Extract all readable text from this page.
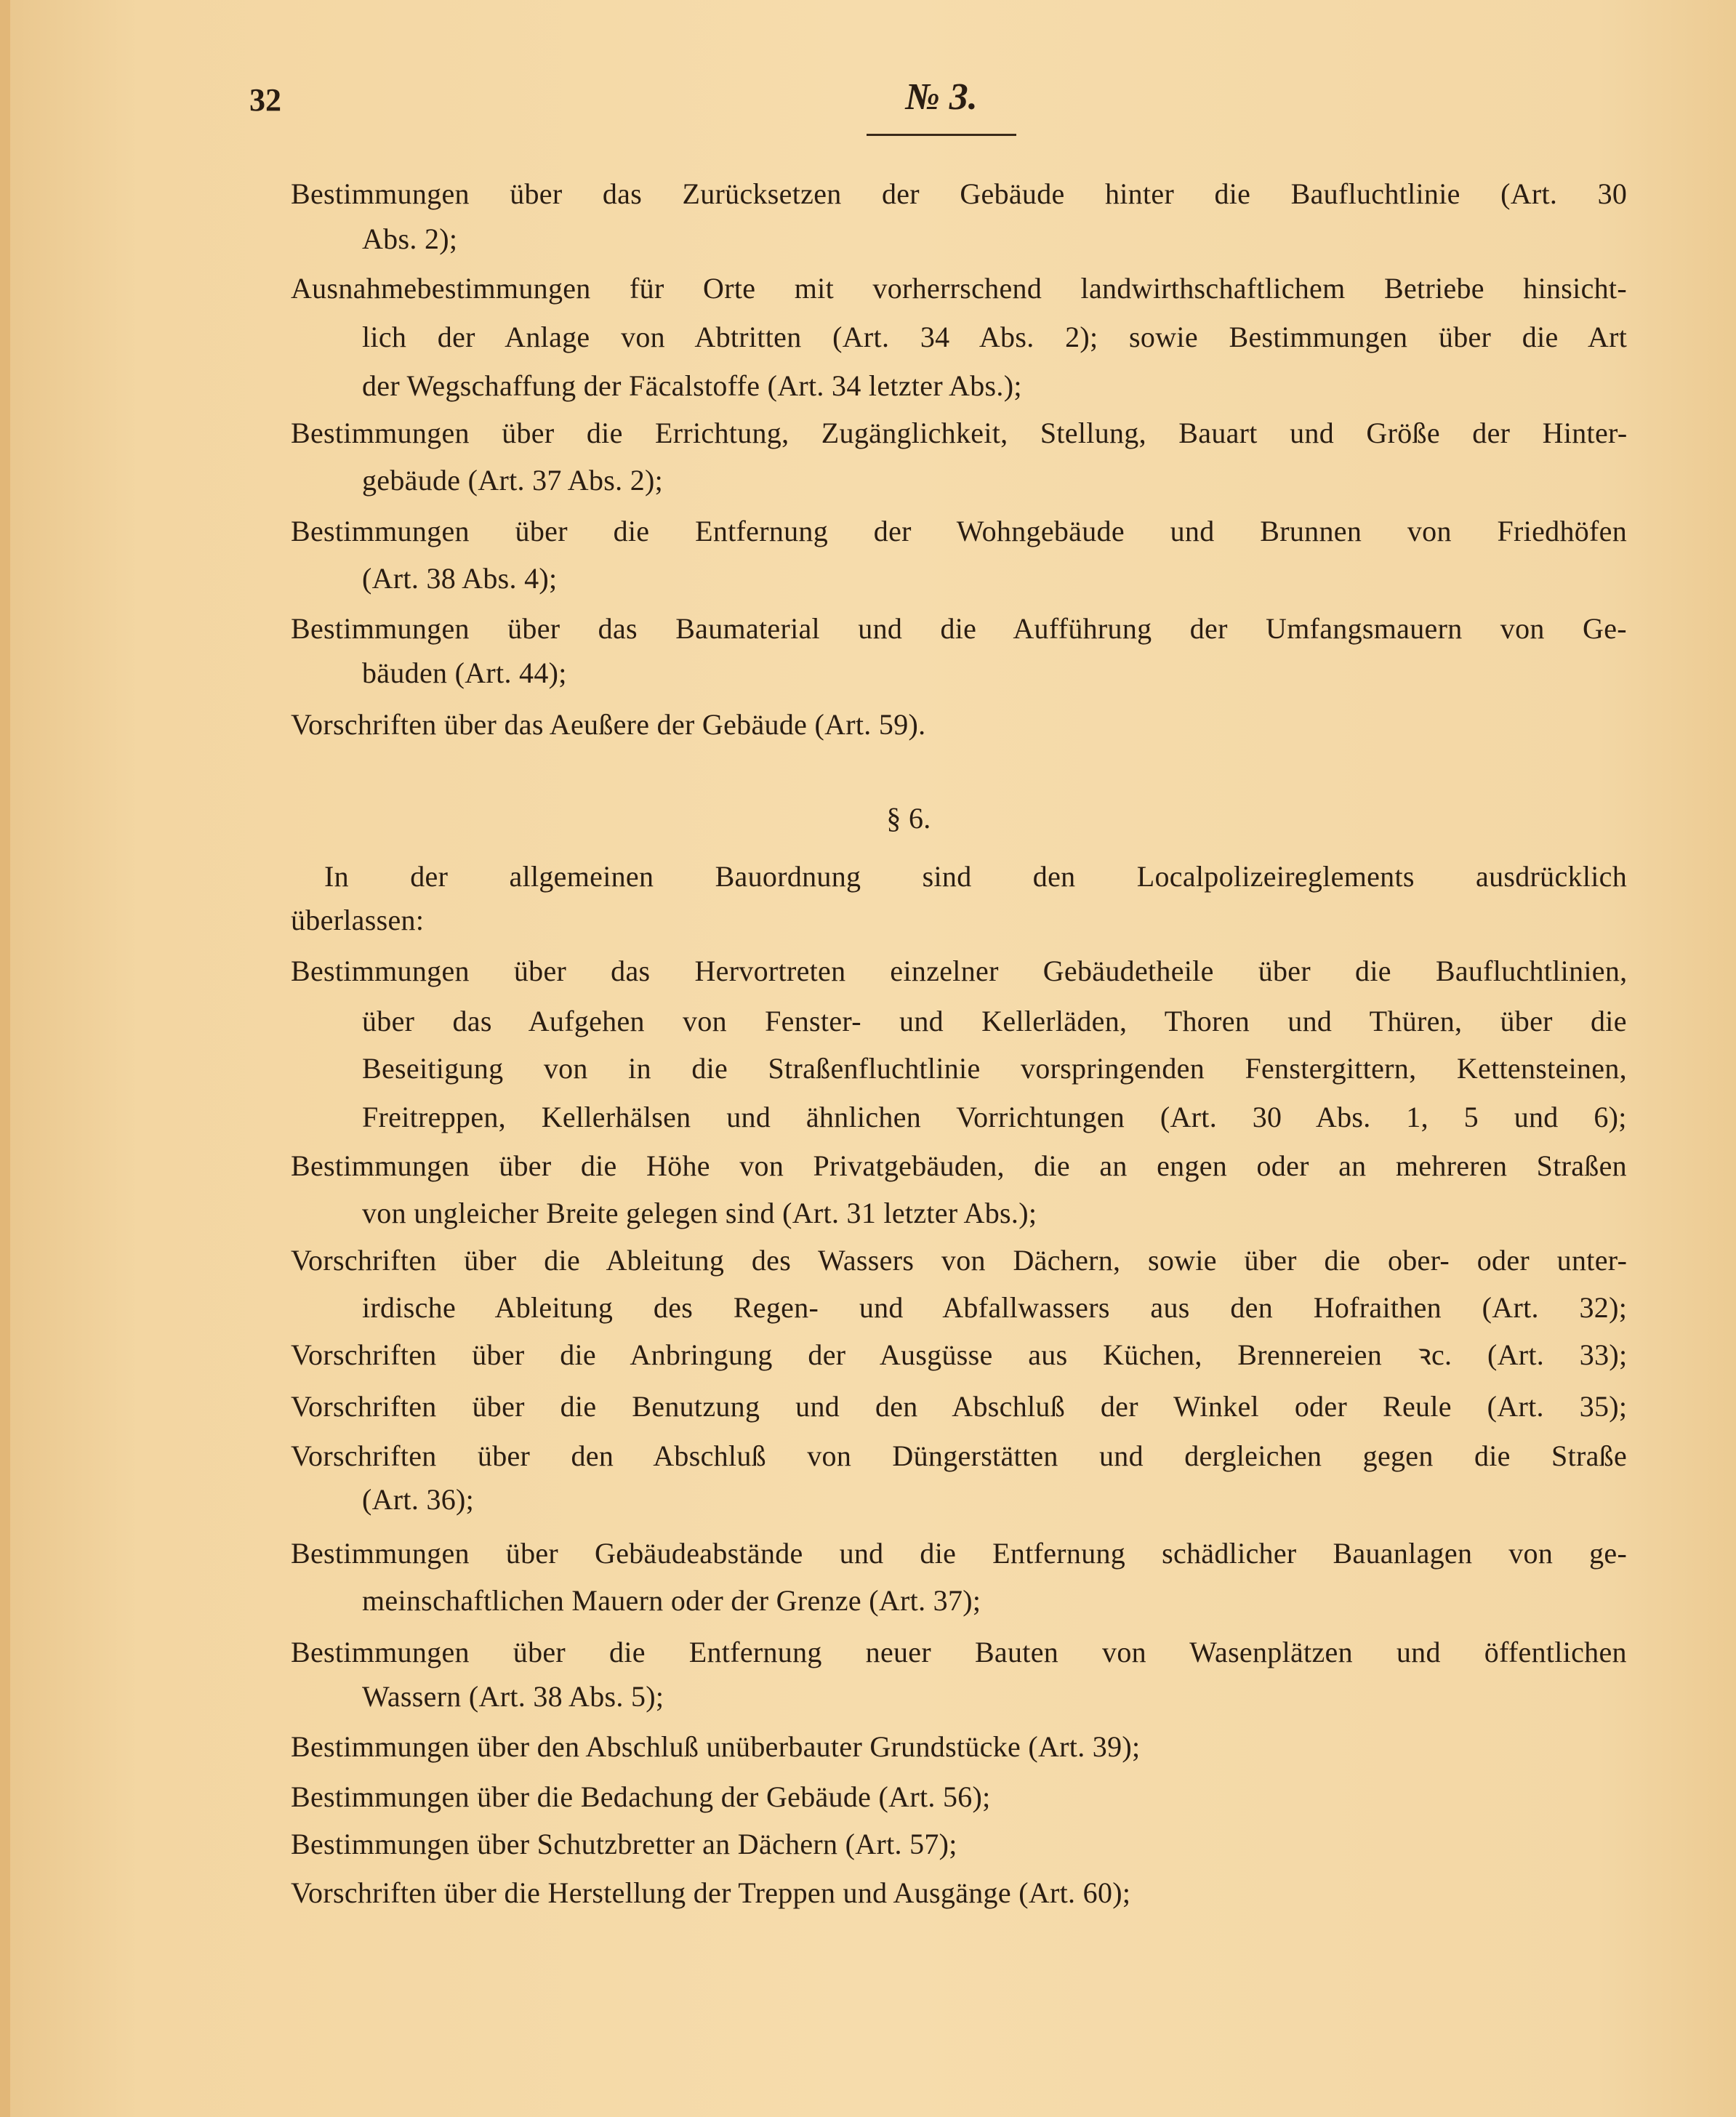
32	№ 3.
Bestimmungen über das Zurücksetzen der Gebäude hinter die Baufluchtlinie (Art. 30
Abs. 2);
Ausnahmebestimmungen für Orte mit vorherrschend landwirthschaftlichem Betriebe hinsicht-
lich der Anlage von Abtritten (Art. 34 Abs. 2); sowie Bestimmungen über die Art
der Wegschaffung der Fäcalstoffe (Art. 34 letzter Abs.);
Bestimmungen über die Errichtung, Zugänglichkeit, Stellung, Bauart und Größe der Hinter-
gebäude (Art. 37 Abs. 2);
Bestimmungen über die Entfernung der Wohngebäude und Brunnen von Friedhöfen
(Art. 38 Abs. 4);
Bestimmungen über das Baumaterial und die Aufführung der Umfangsmauern von Ge-
bäuden (Art. 44);
Vorschriften über das Aeußere der Gebäude (Art. 59).
§ 6.
In der allgemeinen Bauordnung sind den Localpolizeireglements ausdrücklich
überlassen:
Bestimmungen über das Hervortreten einzelner Gebäudetheile über die Baufluchtlinien,
über das Aufgehen von Fenster- und Kellerläden, Thoren und Thüren, über die
Beseitigung von in die Straßenfluchtlinie vorspringenden Fenstergittern, Kettensteinen,
Freitreppen, Kellerhälsen und ähnlichen Vorrichtungen (Art. 30 Abs. 1, 5 und 6);
Bestimmungen über die Höhe von Privatgebäuden, die an engen oder an mehreren Straßen
von ungleicher Breite gelegen sind (Art. 31 letzter Abs.);
Vorschriften über die Ableitung des Wassers von Dächern, sowie über die ober- oder unter-
irdische Ableitung des Regen- und Abfallwassers aus den Hofraithen (Art. 32);
Vorschriften über die Anbringung der Ausgüsse aus Küchen, Brennereien ꝛc. (Art. 33);
Vorschriften über die Benutzung und den Abschluß der Winkel oder Reule (Art. 35);
Vorschriften über den Abschluß von Düngerstätten und dergleichen gegen die Straße
(Art. 36);
Bestimmungen über Gebäudeabstände und die Entfernung schädlicher Bauanlagen von ge-
meinschaftlichen Mauern oder der Grenze (Art. 37);
Bestimmungen über die Entfernung neuer Bauten von Wasenplätzen und öffentlichen
Wassern (Art. 38 Abs. 5);
Bestimmungen über den Abschluß unüberbauter Grundstücke (Art. 39);
Bestimmungen über die Bedachung der Gebäude (Art. 56);
Bestimmungen über Schutzbretter an Dächern (Art. 57);
Vorschriften über die Herstellung der Treppen und Ausgänge (Art. 60);
